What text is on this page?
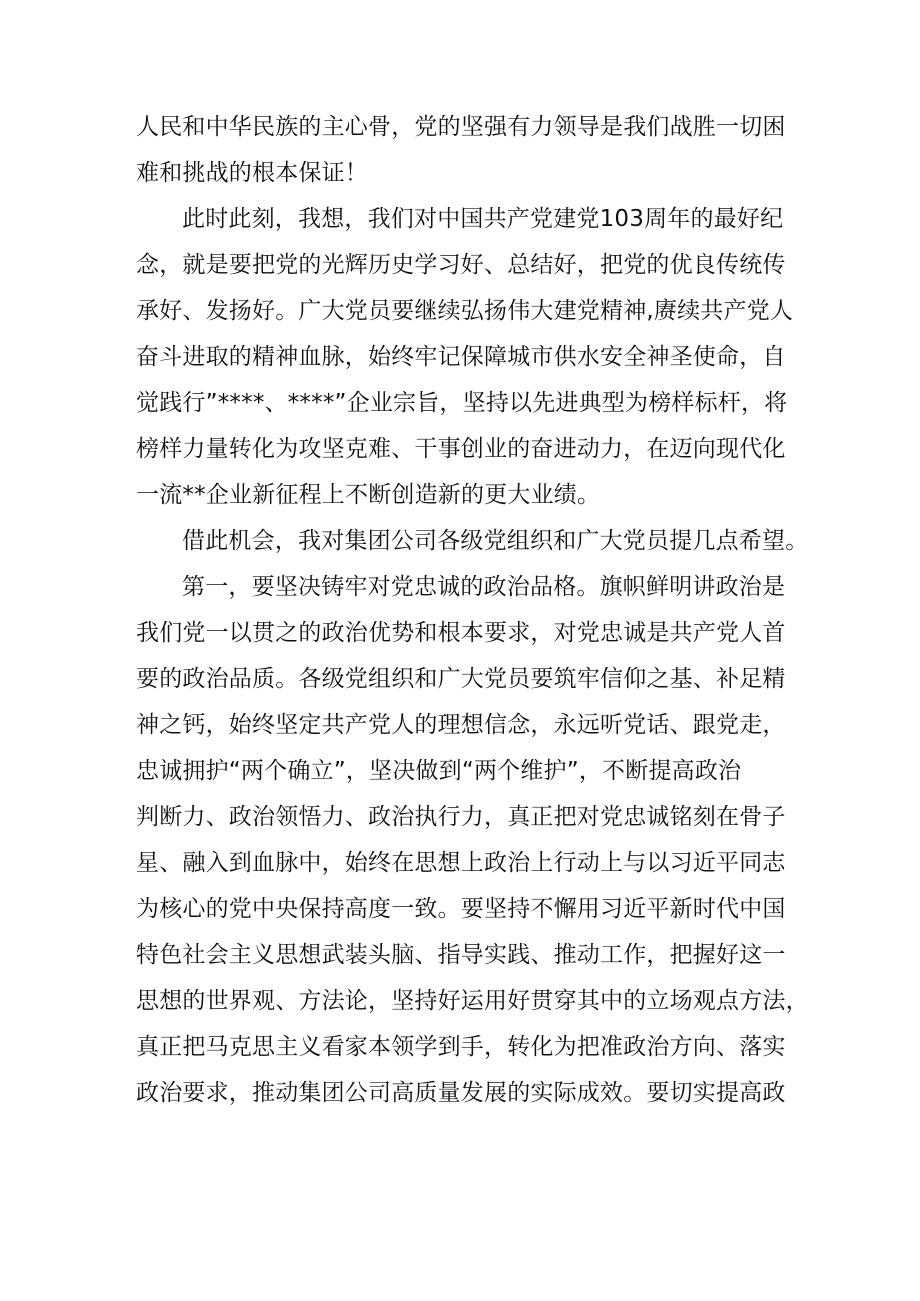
人民和中华民族的主心骨，党的坚强有力领导是我们战胜一切困
难和挑战的根本保证！
此时此刻，我想，我们对中国共产党建党103周年的最好纪
念，就是要把党的光辉历史学习好、总结好，把党的优良传统传
承好、发扬好。广大党员要继续弘扬伟大建党精神,赓续共产党人
奋斗进取的精神血脉，始终牢记保障城市供水安全神圣使命，自
觉践行”****、****”企业宗旨，坚持以先进典型为榜样标杆，将
榜样力量转化为攻坚克难、干事创业的奋进动力，在迈向现代化
一流**企业新征程上不断创造新的更大业绩。
借此机会，我对集团公司各级党组织和广大党员提几点希望。
第一，要坚决铸牢对党忠诚的政治品格。旗帜鲜明讲政治是
我们党一以贯之的政治优势和根本要求，对党忠诚是共产党人首
要的政治品质。各级党组织和广大党员要筑牢信仰之基、补足精
神之钙，始终坚定共产党人的理想信念，永远听党话、跟党走，
忠诚拥护“两个确立”，坚决做到“两个维护”，不断提高政治
判断力、政治领悟力、政治执行力，真正把对党忠诚铭刻在骨子
星、融入到血脉中，始终在思想上政治上行动上与以习近平同志
为核心的党中央保持高度一致。要坚持不懈用习近平新时代中国
特色社会主义思想武装头脑、指导实践、推动工作，把握好这一
思想的世界观、方法论，坚持好运用好贯穿其中的立场观点方法，
真正把马克思主义看家本领学到手，转化为把准政治方向、落实
政治要求，推动集团公司高质量发展的实际成效。要切实提高政
